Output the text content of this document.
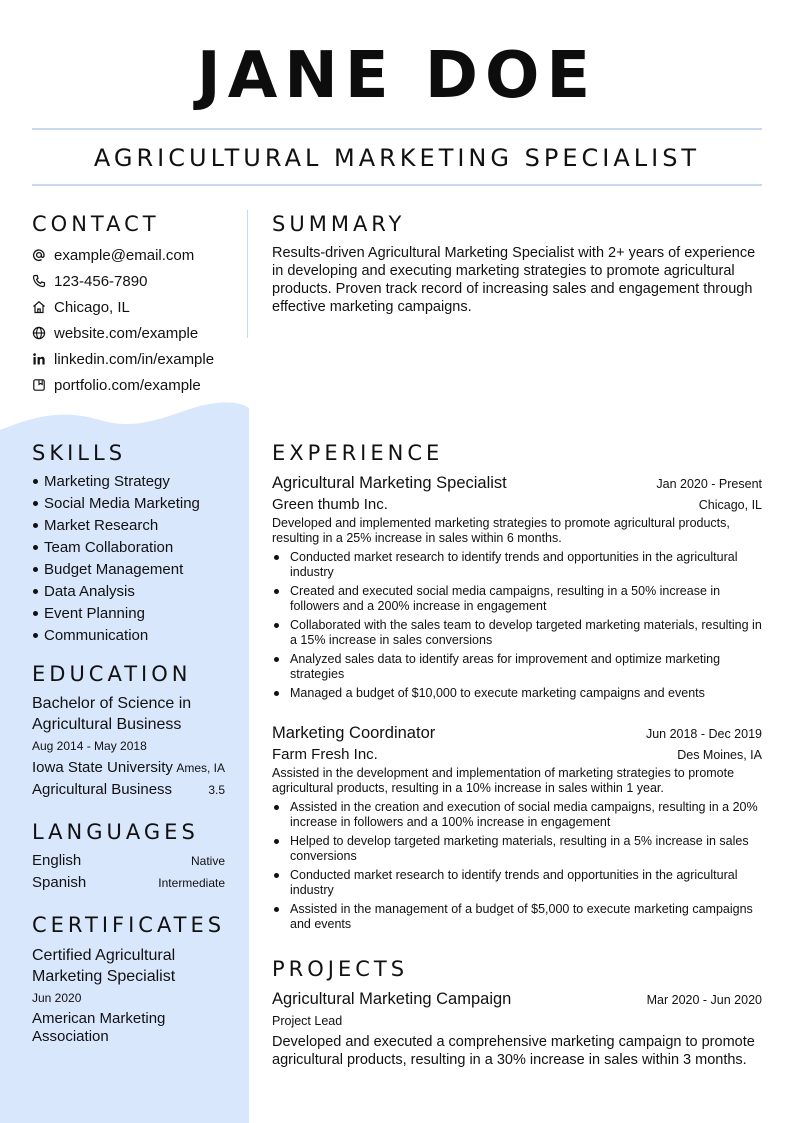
JANE DOE
AGRICULTURAL MARKETING SPECIALIST
CONTACT
example@email.com
123-456-7890
Chicago, IL
website.com/example
linkedin.com/in/example
portfolio.com/example
SKILLS
Marketing Strategy
Social Media Marketing
Market Research
Team Collaboration
Budget Management
Data Analysis
Event Planning
Communication
EDUCATION
Bachelor of Science in Agricultural Business
Aug 2014 - May 2018
Iowa State University Ames, IA
Agricultural Business	3.5
LANGUAGES
English	Native
Spanish	Intermediate
CERTIFICATES
Certified Agricultural Marketing Specialist
Jun 2020
American Marketing Association
SUMMARY

Results-driven Agricultural Marketing Specialist with 2+ years of experience in developing and executing marketing strategies to promote agricultural products. Proven track record of increasing sales and engagement through effective marketing campaigns.

EXPERIENCE
Agricultural Marketing Specialist	Jan 2020 - Present
Green thumb Inc.	Chicago, IL

Developed and implemented marketing strategies to promote agricultural products, resulting in a 25% increase in sales within 6 months.

Conducted market research to identify trends and opportunities in the agricultural industry
Created and executed social media campaigns, resulting in a 50% increase in followers and a 200% increase in engagement
Collaborated with the sales team to develop targeted marketing materials, resulting in a 15% increase in sales conversions
Analyzed sales data to identify areas for improvement and optimize marketing strategies
Managed a budget of $10,000 to execute marketing campaigns and events
Marketing Coordinator	Jun 2018 - Dec 2019
Farm Fresh Inc.	Des Moines, IA

Assisted in the development and implementation of marketing strategies to promote agricultural products, resulting in a 10% increase in sales within 1 year.

Assisted in the creation and execution of social media campaigns, resulting in a 20% increase in followers and a 100% increase in engagement
Helped to develop targeted marketing materials, resulting in a 5% increase in sales conversions
Conducted market research to identify trends and opportunities in the agricultural industry
Assisted in the management of a budget of $5,000 to execute marketing campaigns and events
PROJECTS
Agricultural Marketing Campaign	Mar 2020 - Jun 2020
Project Lead

Developed and executed a comprehensive marketing campaign to promote agricultural products, resulting in a 30% increase in sales within 3 months.
